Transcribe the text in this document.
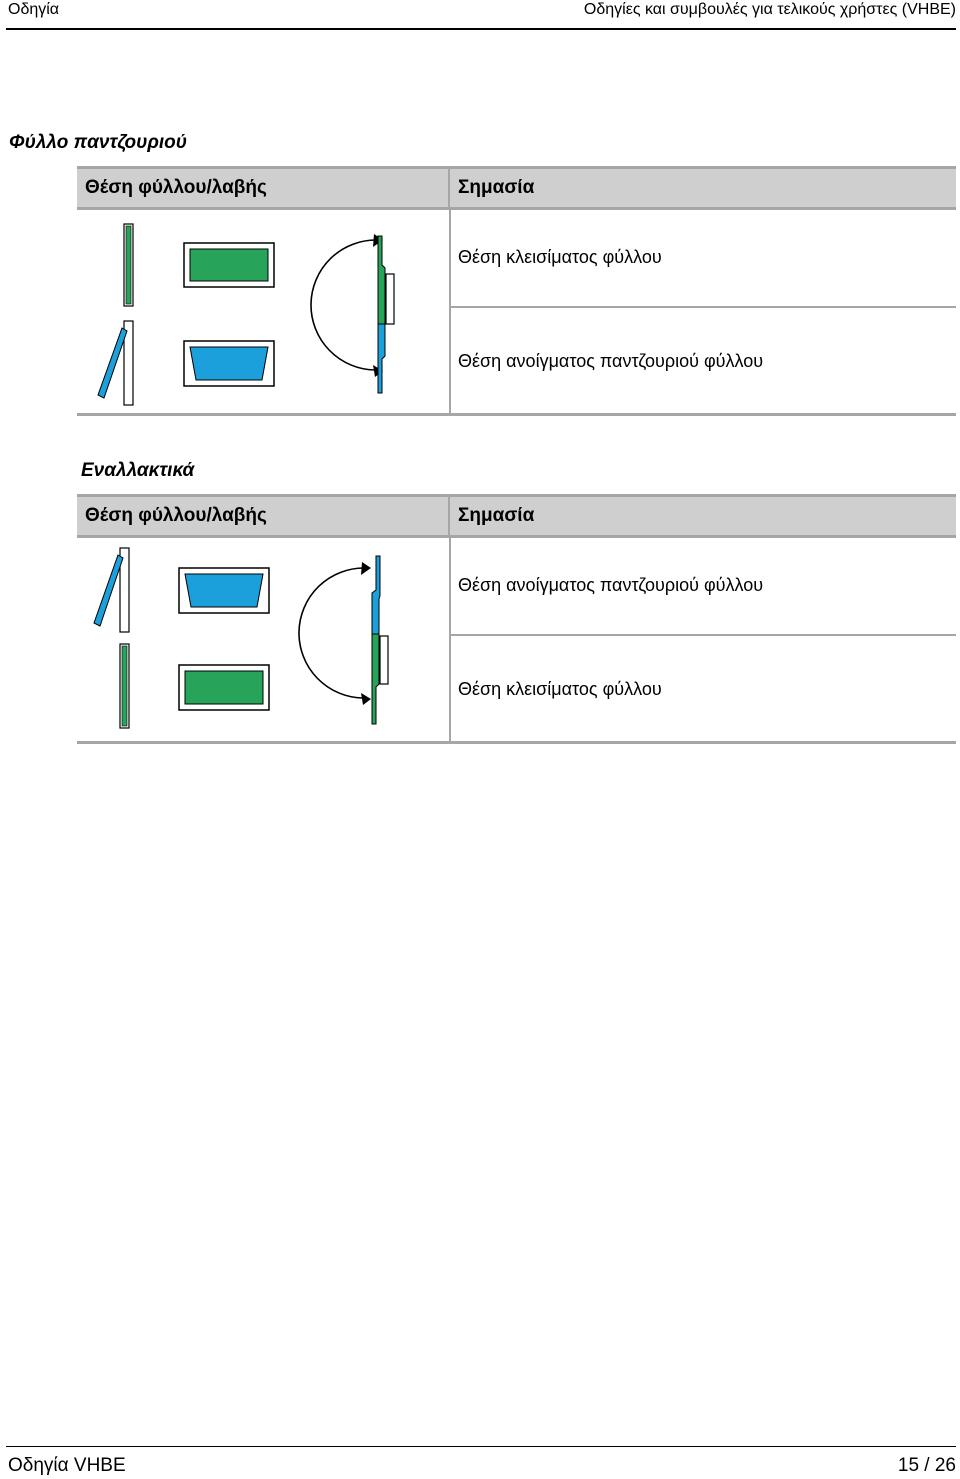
Οδηγία	Οδηγίες και συμβουλές για τελικούς χρήστες (VHBE)
Φύλλο παντζουριού
Θέση φύλλου/λαβής	Σημασία
Θέση κλεισίματος φύλλου
Θέση ανοίγματος παντζουριού φύλλου
Εναλλακτικά
Θέση φύλλου/λαβής	Σημασία
Θέση ανοίγματος παντζουριού φύλλου
Θέση κλεισίματος φύλλου
Οδηγία VHBE	15 / 26
